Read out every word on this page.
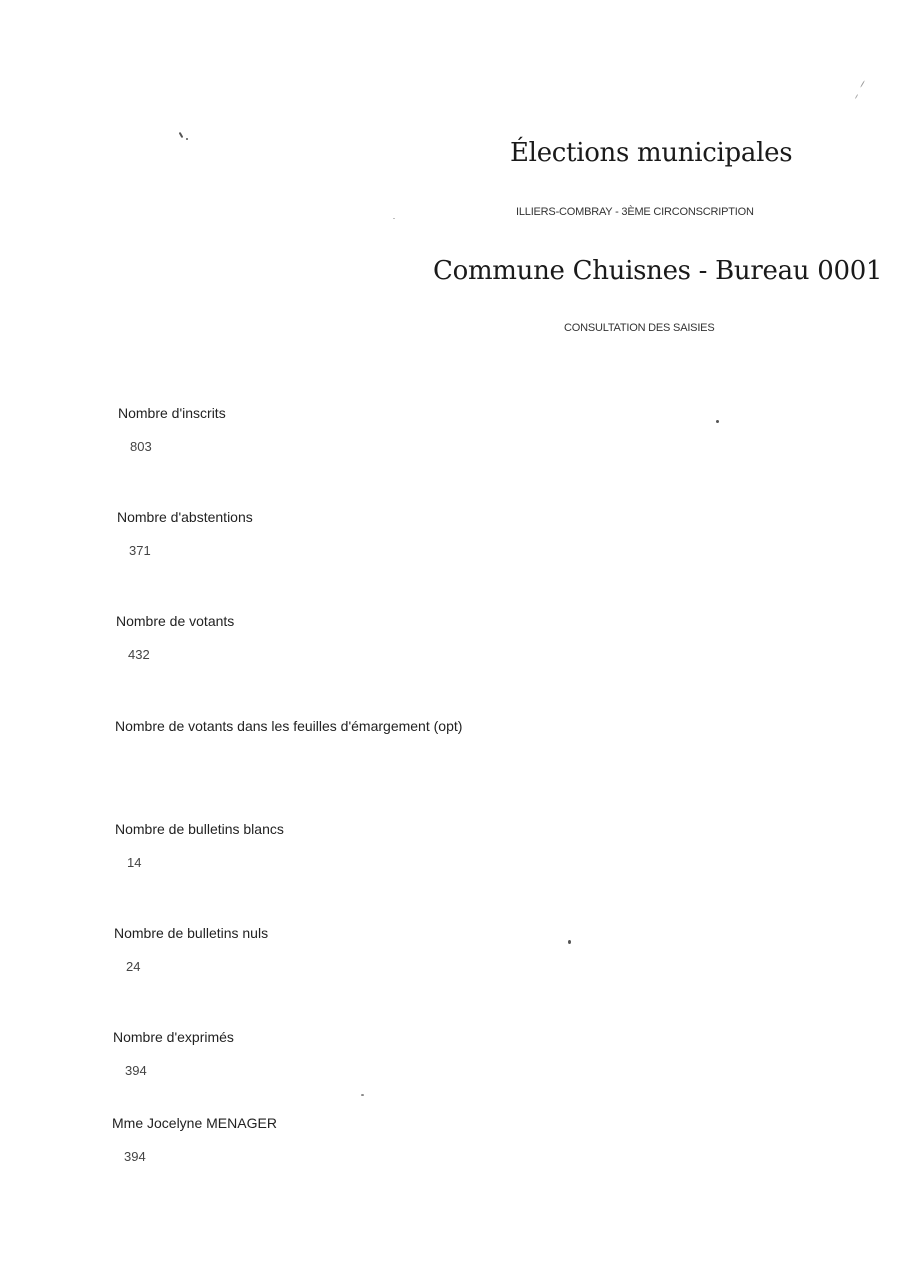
Élections municipales
ILLIERS-COMBRAY - 3ÈME CIRCONSCRIPTION
Commune Chuisnes - Bureau 0001
CONSULTATION DES SAISIES
Nombre d'inscrits
803
Nombre d'abstentions
371
Nombre de votants
432
Nombre de votants dans les feuilles d'émargement (opt)
Nombre de bulletins blancs
14
Nombre de bulletins nuls
24
Nombre d'exprimés
394
Mme Jocelyne MENAGER
394
